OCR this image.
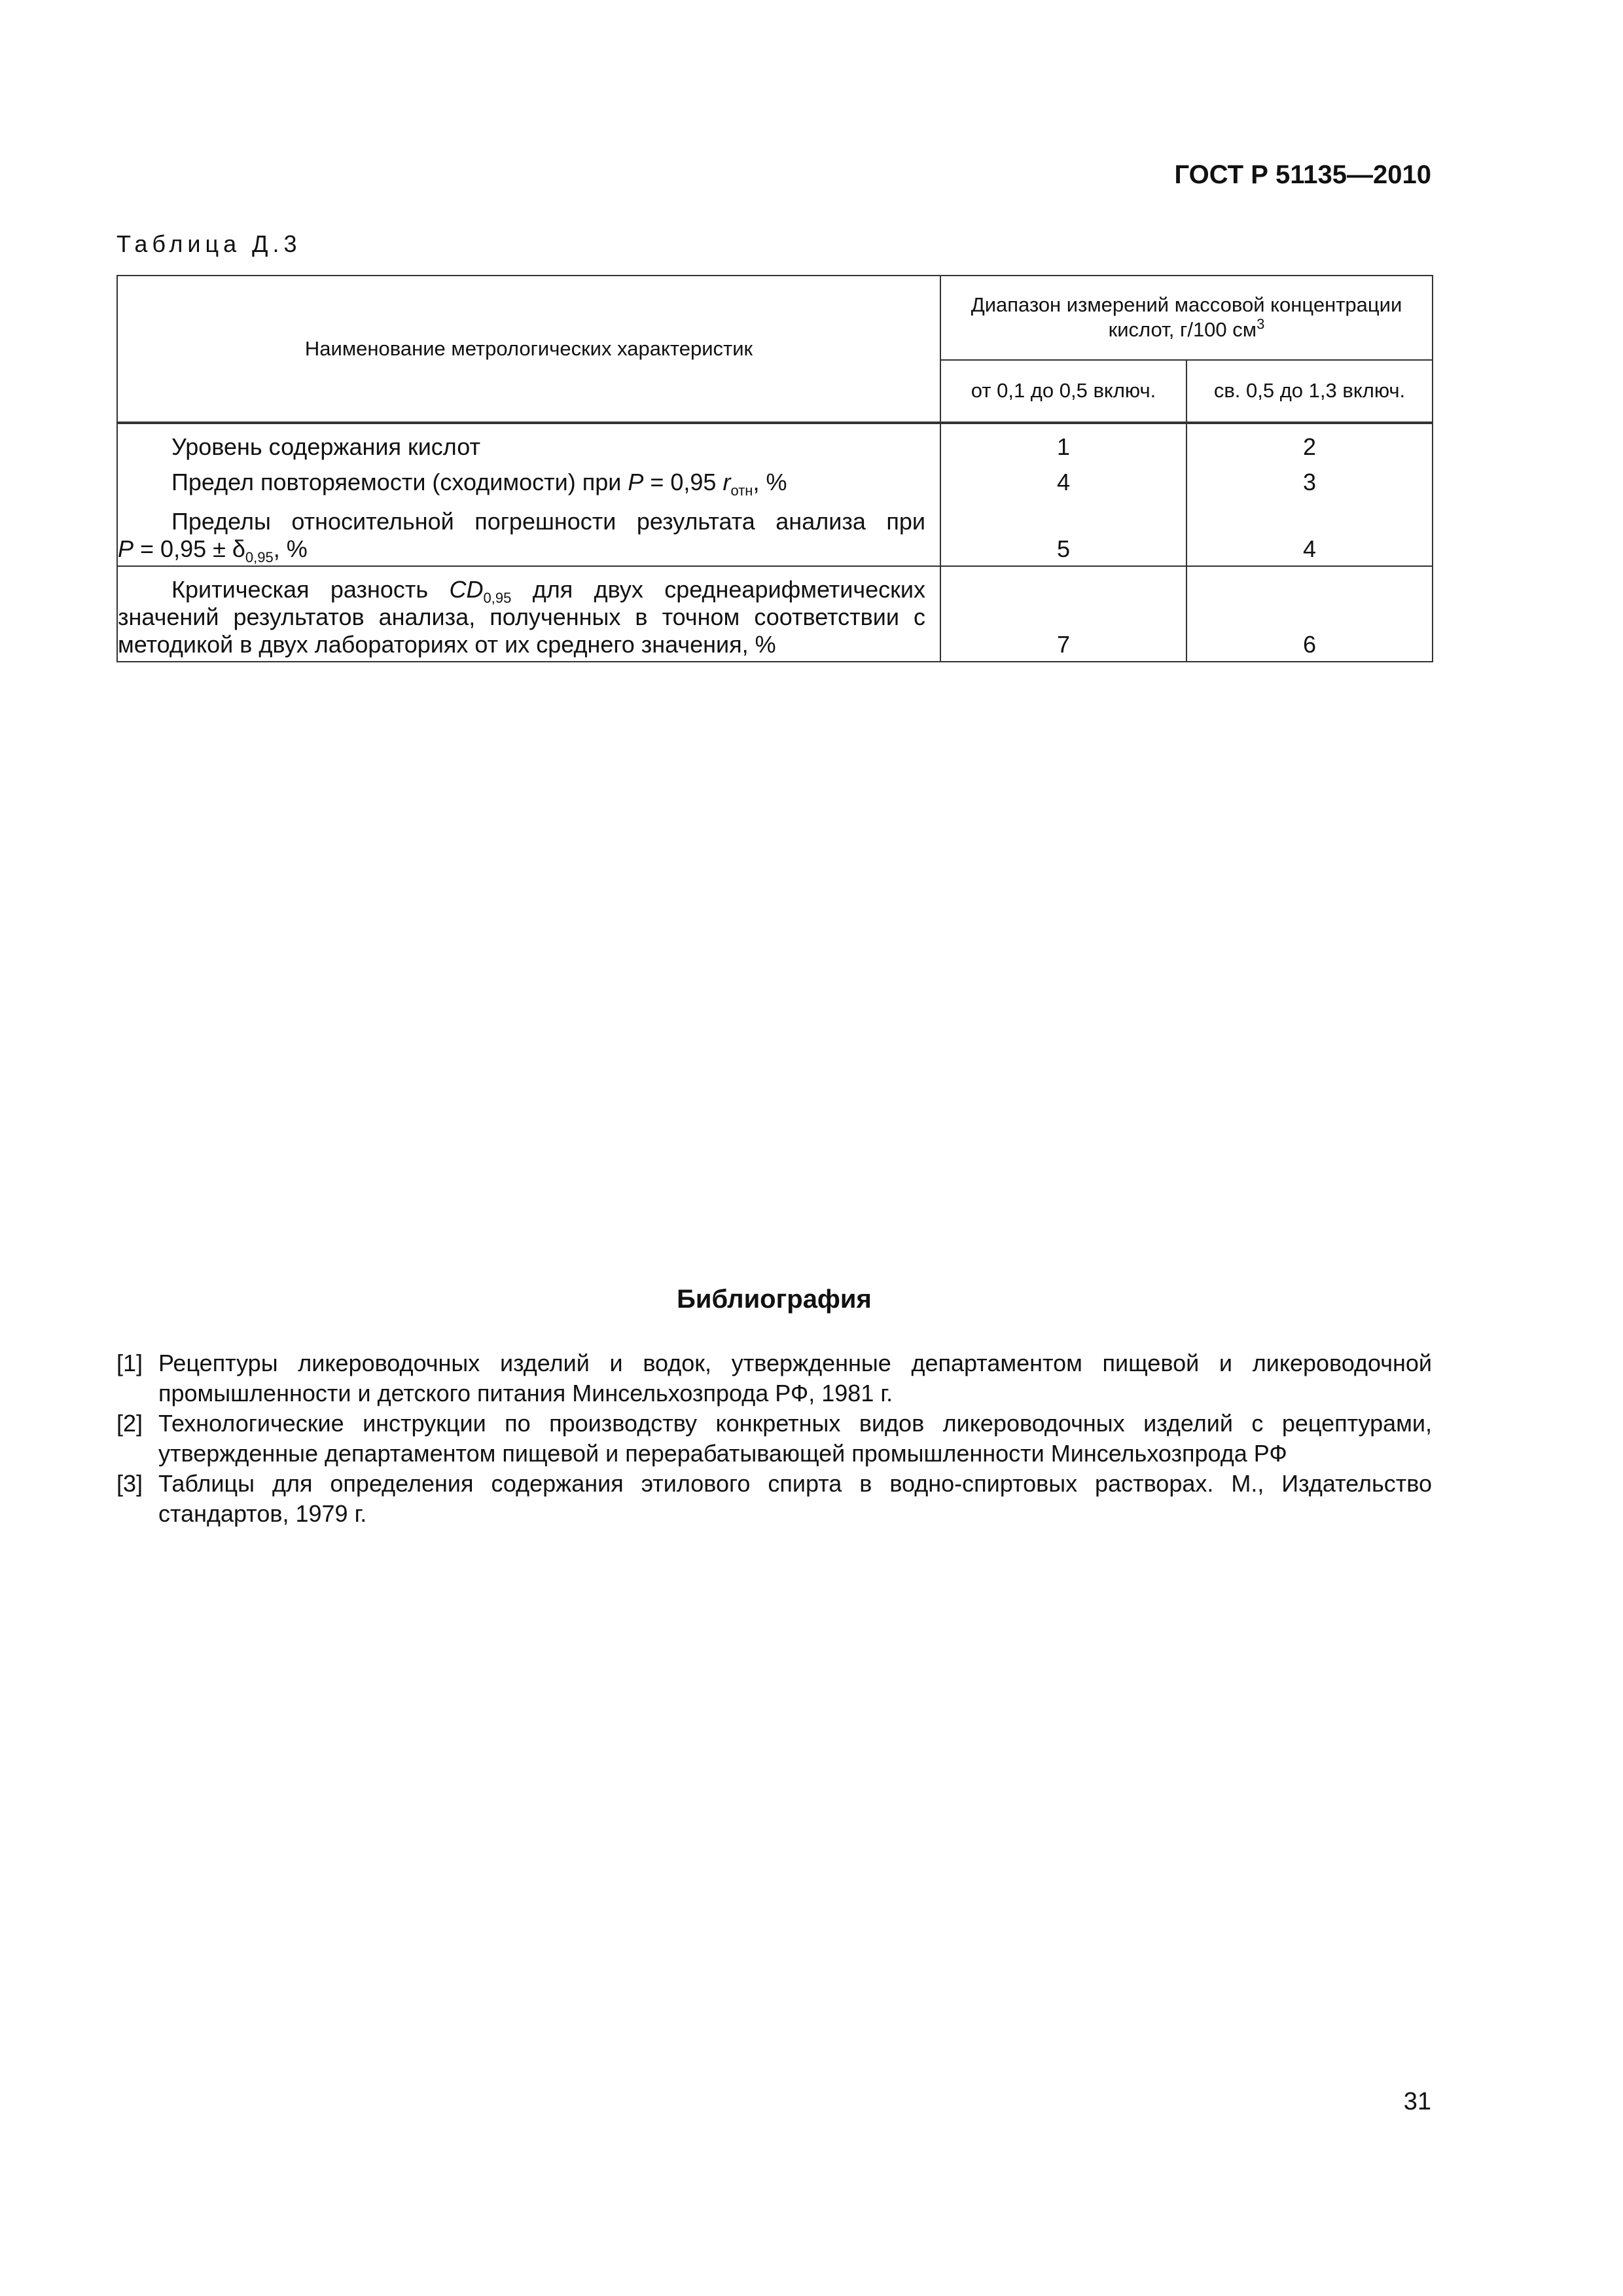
ГОСТ Р 51135—2010
Таблица Д.3
Наименование метрологических характеристик	Диапазон измерений массовой концентрации кислот, г/100 $см^3$
	от 0,1 до 0,5 включ.	св. 0,5 до 1,3 включ.
Уровень содержания кислот	1	2
Предел повторяемости (сходимости) при P = 0,95 $r_{отн}$, %	4	3

Пределы относительной погрешности результата анализа при
$P = 0,95 \pm \delta_{0,95}$, %	5	4

Критическая разность $CD_{0,95}$ для двух среднеарифметических
значений результатов анализа, полученных в точном соответствии с
методикой в двух лабораториях от их среднего значения, %	7	6
Библиография
[1] Рецептуры ликероводочных изделий и водок, утвержденные департаментом пищевой и ликероводочной промышленности и детского питания Минсельхозпрода РФ, 1981 г.
[2] Технологические инструкции по производству конкретных видов ликероводочных изделий с рецептурами, утвержденные департаментом пищевой и перерабатывающей промышленности Минсельхозпрода РФ
[3] Таблицы для определения содержания этилового спирта в водно-спиртовых растворах. М., Издательство стандартов, 1979 г.
31
